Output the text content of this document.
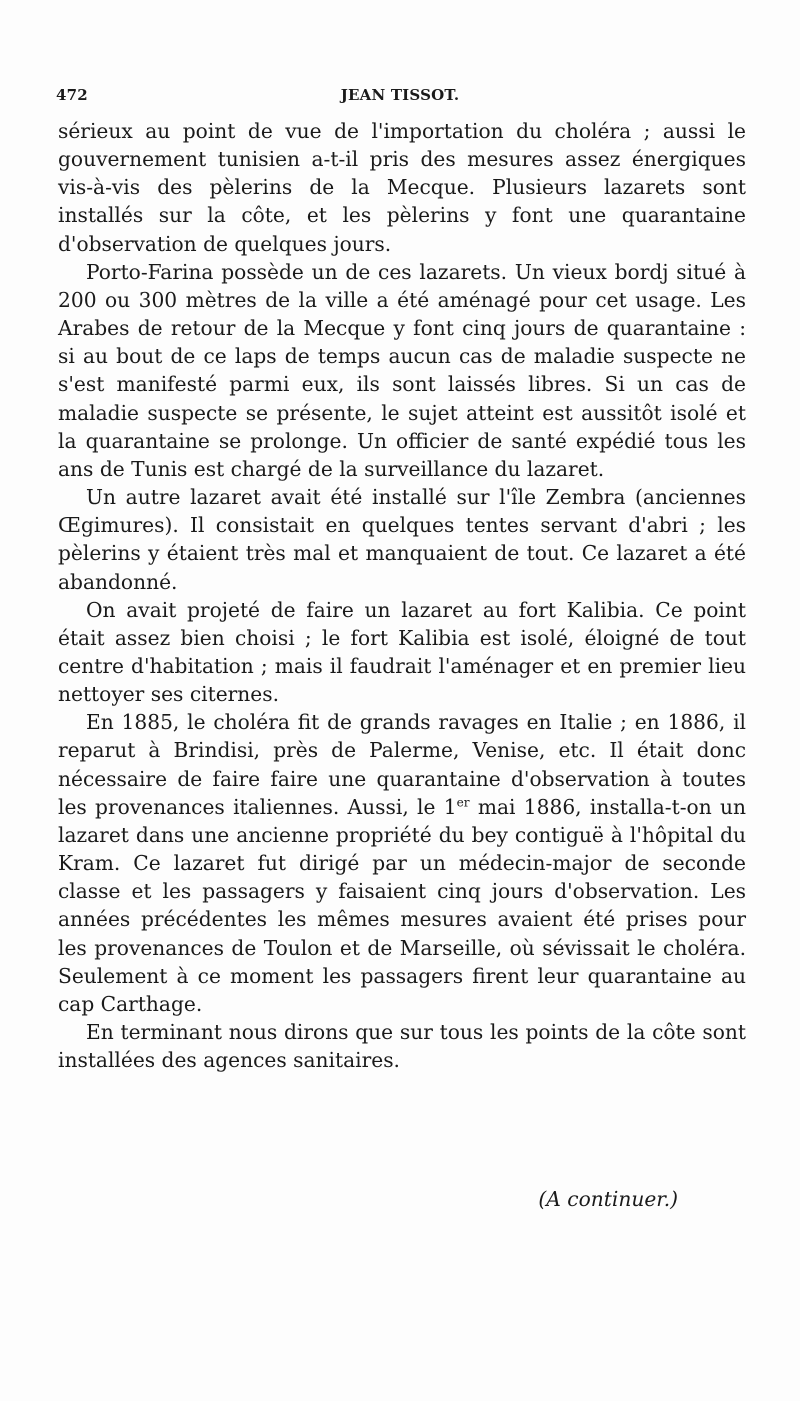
472	JEAN TISSOT.

sérieux au point de vue de l'importation du choléra ; aussi le gouvernement tunisien a-t-il pris des mesures assez énergiques vis-à-vis des pèlerins de la Mecque. Plusieurs lazarets sont installés sur la côte, et les pèlerins y font une quarantaine d'observation de quelques jours.

Porto-Farina possède un de ces lazarets. Un vieux bordj situé à 200 ou 300 mètres de la ville a été aménagé pour cet usage. Les Arabes de retour de la Mecque y font cinq jours de quarantaine : si au bout de ce laps de temps aucun cas de maladie suspecte ne s'est manifesté parmi eux, ils sont laissés libres. Si un cas de maladie suspecte se présente, le sujet atteint est aussitôt isolé et la quarantaine se prolonge. Un officier de santé expédié tous les ans de Tunis est chargé de la surveillance du lazaret.

Un autre lazaret avait été installé sur l'île Zembra (anciennes Œgimures). Il consistait en quelques tentes servant d'abri ; les pèlerins y étaient très mal et manquaient de tout. Ce lazaret a été abandonné.

On avait projeté de faire un lazaret au fort Kalibia. Ce point était assez bien choisi ; le fort Kalibia est isolé, éloigné de tout centre d'habitation ; mais il faudrait l'aménager et en premier lieu nettoyer ses citernes.

En 1885, le choléra fit de grands ravages en Italie ; en 1886, il reparut à Brindisi, près de Palerme, Venise, etc. Il était donc nécessaire de faire faire une quarantaine d'observation à toutes les provenances italiennes. Aussi, le 1er mai 1886, installa-t-on un lazaret dans une ancienne propriété du bey contiguë à l'hôpital du Kram. Ce lazaret fut dirigé par un médecin-major de seconde classe et les passagers y faisaient cinq jours d'observation. Les années précédentes les mêmes mesures avaient été prises pour les provenances de Toulon et de Marseille, où sévissait le choléra. Seulement à ce moment les passagers firent leur quarantaine au cap Carthage.

En terminant nous dirons que sur tous les points de la côte sont installées des agences sanitaires.

(A continuer.)
